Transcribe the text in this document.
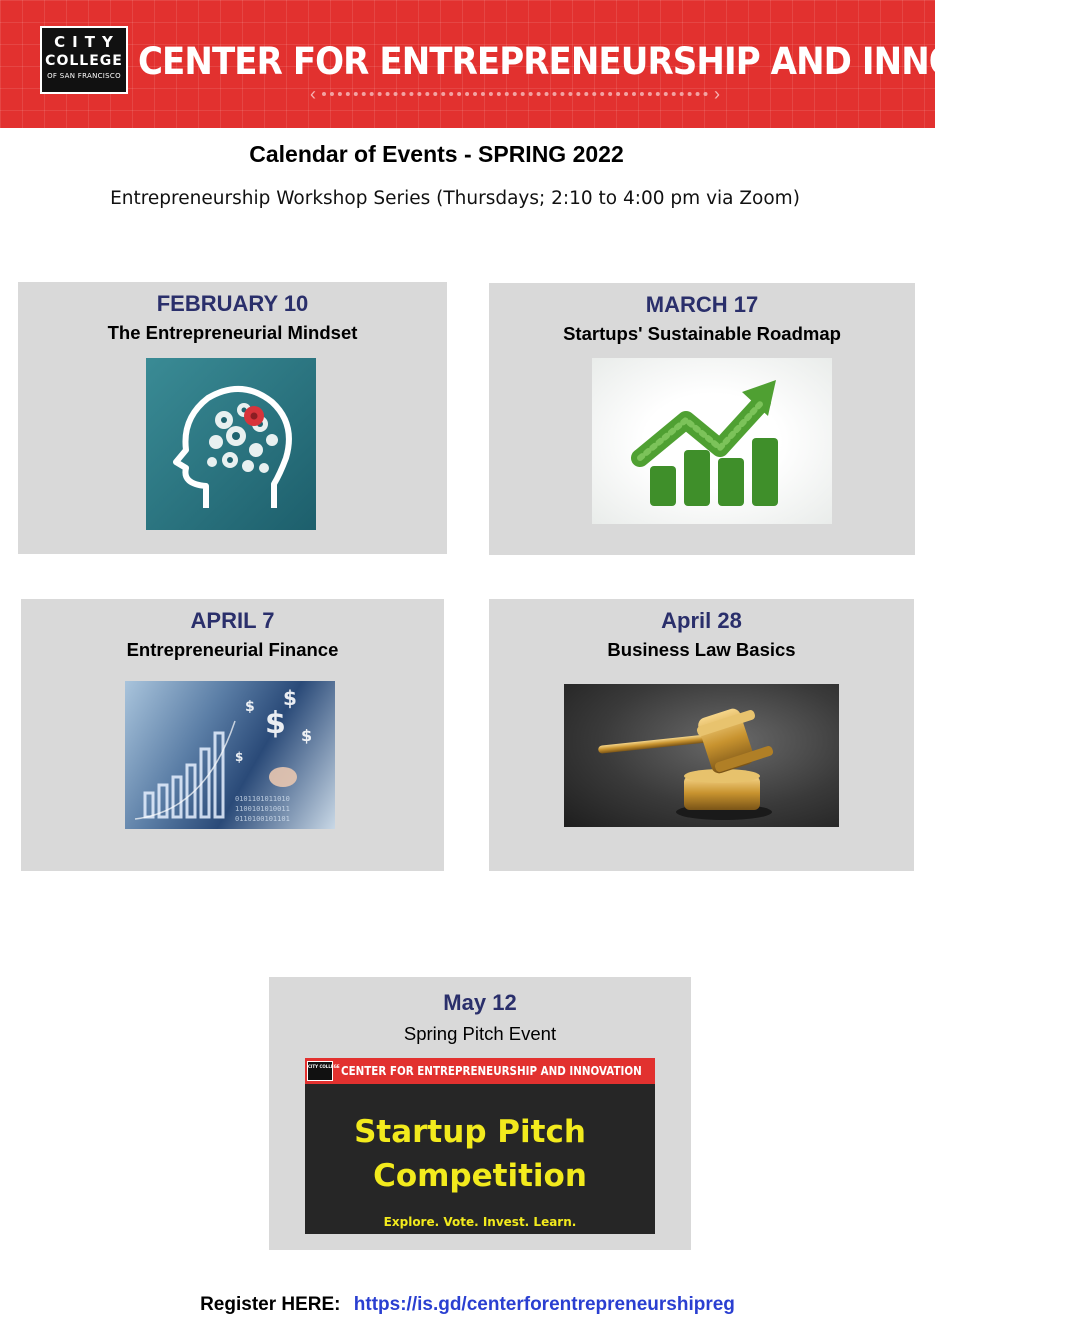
CITY
COLLEGE
OF SAN FRANCISCO CENTER FOR ENTREPRENEURSHIP AND INNOVATION
‹	›
Calendar of Events - SPRING 2022
Entrepreneurship Workshop Series (Thursdays; 2:10 to 4:00 pm via Zoom)
FEBRUARY 10
The Entrepreneurial Mindset
MARCH 17
Startups' Sustainable Roadmap
APRIL 7
Entrepreneurial Finance
$
$
$
$
$
0101101011010
1100101010011
0110100101101
April 28
Business Law Basics
May 12
Spring Pitch Event
CITY COLLEGE CENTER FOR ENTREPRENEURSHIP AND INNOVATION
Startup Pitch
Competition
Explore. Vote. Invest. Learn.
Register HERE: https://is.gd/centerforentrepreneurshipreg
